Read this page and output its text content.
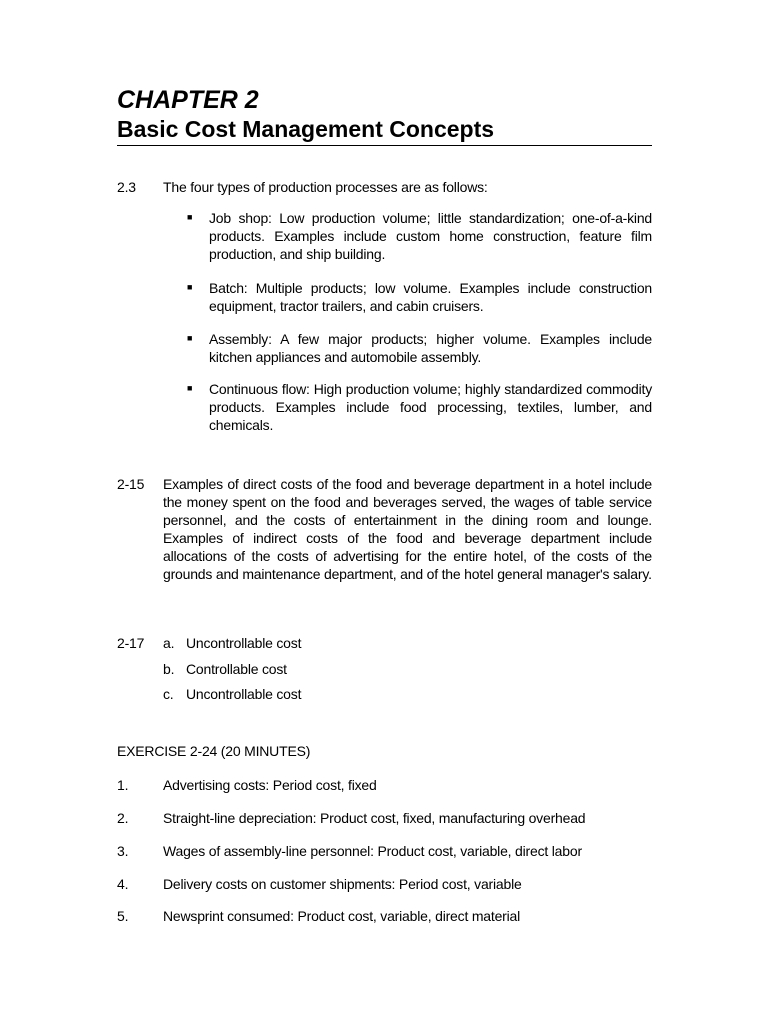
CHAPTER 2
Basic Cost Management Concepts
2.3 The four types of production processes are as follows:
■ Job shop: Low production volume; little standardization; one-of-a-kind products. Examples include custom home construction, feature film production, and ship building.
■ Batch: Multiple products; low volume. Examples include construction equipment, tractor trailers, and cabin cruisers.
■ Assembly: A few major products; higher volume. Examples include kitchen appliances and automobile assembly.
■ Continuous flow: High production volume; highly standardized commodity products. Examples include food processing, textiles, lumber, and chemicals.
2-15 Examples of direct costs of the food and beverage department in a hotel include the money spent on the food and beverages served, the wages of table service personnel, and the costs of entertainment in the dining room and lounge. Examples of indirect costs of the food and beverage department include allocations of the costs of advertising for the entire hotel, of the costs of the grounds and maintenance department, and of the hotel general manager's salary.
2-17 a. Uncontrollable cost
b. Controllable cost
c. Uncontrollable cost
EXERCISE 2-24 (20 MINUTES)
1. Advertising costs: Period cost, fixed
2. Straight-line depreciation: Product cost, fixed, manufacturing overhead
3. Wages of assembly-line personnel: Product cost, variable, direct labor
4. Delivery costs on customer shipments: Period cost, variable
5. Newsprint consumed: Product cost, variable, direct material
